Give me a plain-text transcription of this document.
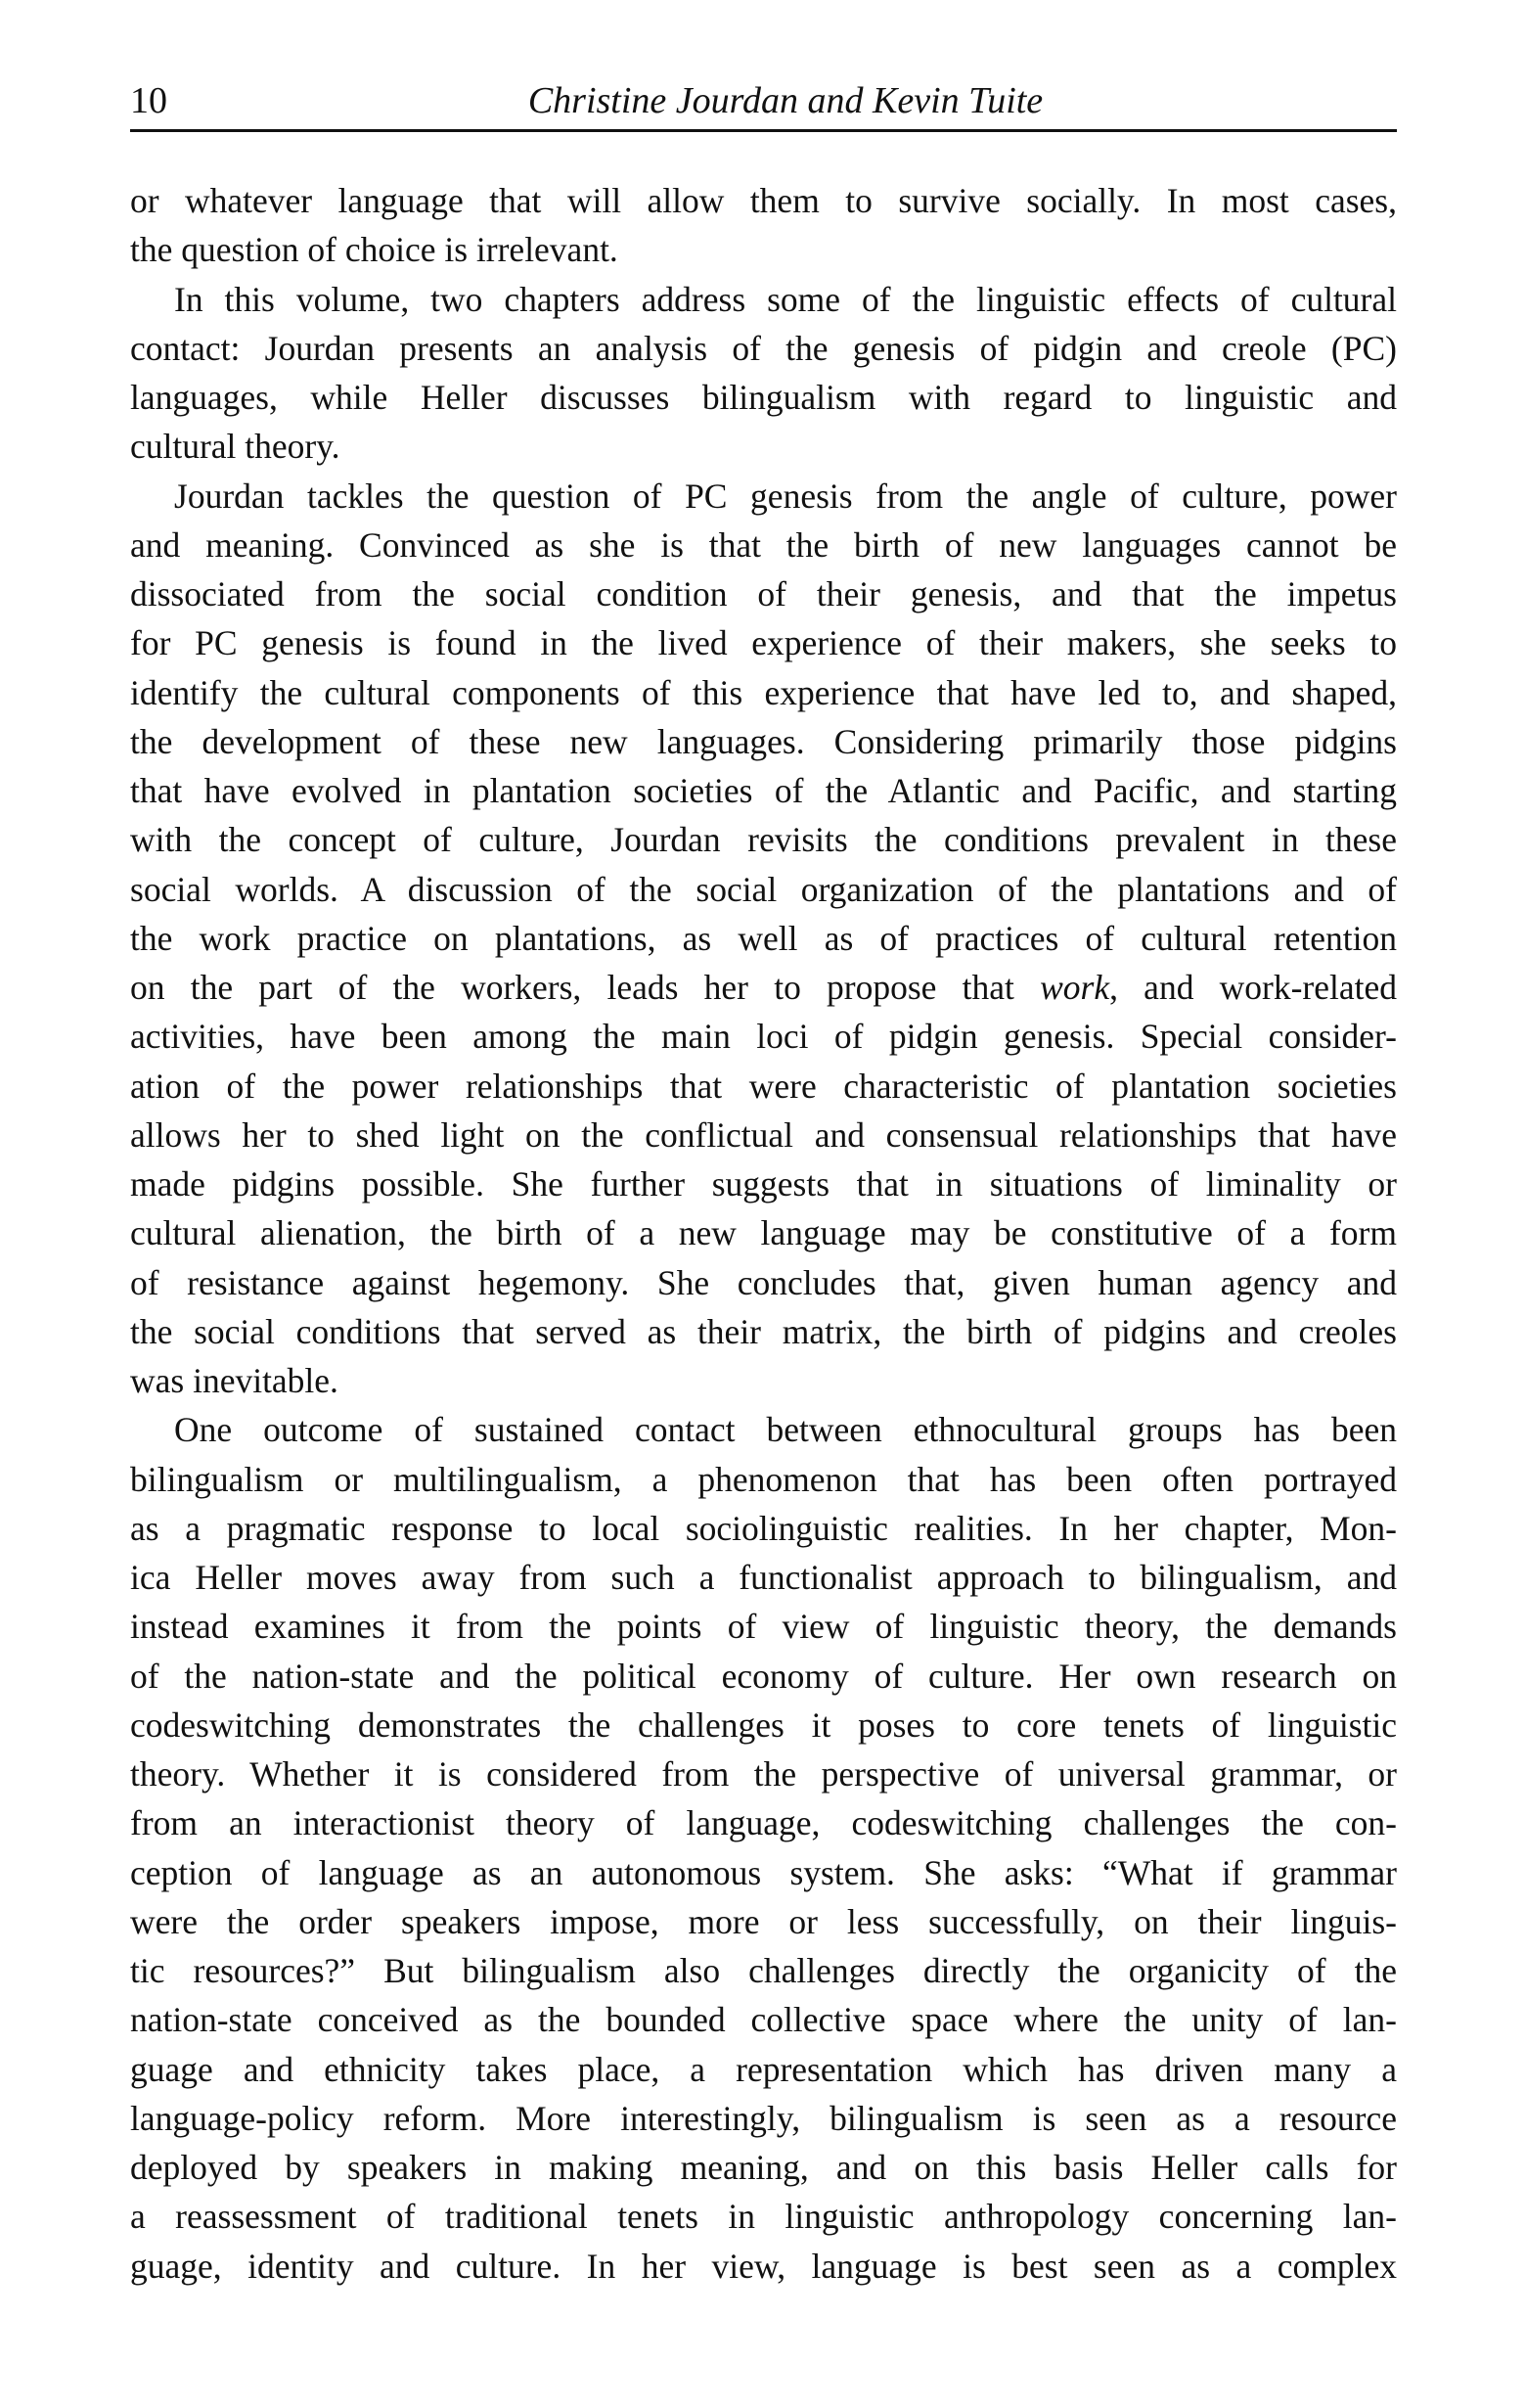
10	Christine Jourdan and Kevin Tuite
or whatever language that will allow them to survive socially. In most cases,
the question of choice is irrelevant.
In this volume, two chapters address some of the linguistic effects of cultural
contact: Jourdan presents an analysis of the genesis of pidgin and creole (PC)
languages, while Heller discusses bilingualism with regard to linguistic and
cultural theory.
Jourdan tackles the question of PC genesis from the angle of culture, power
and meaning. Convinced as she is that the birth of new languages cannot be
dissociated from the social condition of their genesis, and that the impetus
for PC genesis is found in the lived experience of their makers, she seeks to
identify the cultural components of this experience that have led to, and shaped,
the development of these new languages. Considering primarily those pidgins
that have evolved in plantation societies of the Atlantic and Pacific, and starting
with the concept of culture, Jourdan revisits the conditions prevalent in these
social worlds. A discussion of the social organization of the plantations and of
the work practice on plantations, as well as of practices of cultural retention
on the part of the workers, leads her to propose that work, and work-related
activities, have been among the main loci of pidgin genesis. Special consider-
ation of the power relationships that were characteristic of plantation societies
allows her to shed light on the conflictual and consensual relationships that have
made pidgins possible. She further suggests that in situations of liminality or
cultural alienation, the birth of a new language may be constitutive of a form
of resistance against hegemony. She concludes that, given human agency and
the social conditions that served as their matrix, the birth of pidgins and creoles
was inevitable.
One outcome of sustained contact between ethnocultural groups has been
bilingualism or multilingualism, a phenomenon that has been often portrayed
as a pragmatic response to local sociolinguistic realities. In her chapter, Mon-
ica Heller moves away from such a functionalist approach to bilingualism, and
instead examines it from the points of view of linguistic theory, the demands
of the nation-state and the political economy of culture. Her own research on
codeswitching demonstrates the challenges it poses to core tenets of linguistic
theory. Whether it is considered from the perspective of universal grammar, or
from an interactionist theory of language, codeswitching challenges the con-
ception of language as an autonomous system. She asks: “What if grammar
were the order speakers impose, more or less successfully, on their linguis-
tic resources?” But bilingualism also challenges directly the organicity of the
nation-state conceived as the bounded collective space where the unity of lan-
guage and ethnicity takes place, a representation which has driven many a
language-policy reform. More interestingly, bilingualism is seen as a resource
deployed by speakers in making meaning, and on this basis Heller calls for
a reassessment of traditional tenets in linguistic anthropology concerning lan-
guage, identity and culture. In her view, language is best seen as a complex
